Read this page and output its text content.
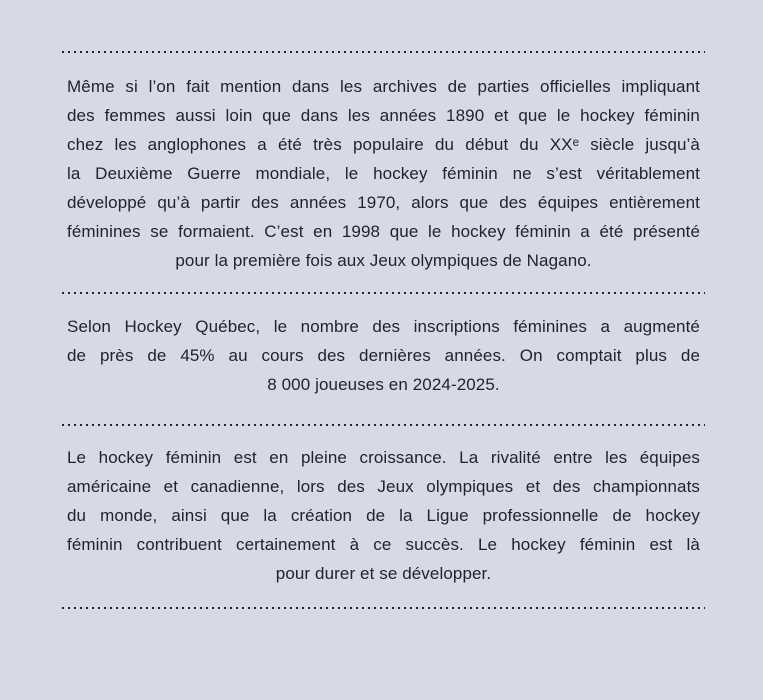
Même si l’on fait mention dans les archives de parties officielles impliquant
des femmes aussi loin que dans les années 1890 et que le hockey féminin
chez les anglophones a été très populaire du début du XXᵉ siècle jusqu’à
la Deuxième Guerre mondiale, le hockey féminin ne s’est véritablement
développé qu’à partir des années 1970, alors que des équipes entièrement
féminines se formaient. C’est en 1998 que le hockey féminin a été présenté
pour la première fois aux Jeux olympiques de Nagano.
Selon Hockey Québec, le nombre des inscriptions féminines a augmenté
de près de 45% au cours des dernières années. On comptait plus de
8 000 joueuses en 2024-2025.
Le hockey féminin est en pleine croissance. La rivalité entre les équipes
américaine et canadienne, lors des Jeux olympiques et des championnats
du monde, ainsi que la création de la Ligue professionnelle de hockey
féminin contribuent certainement à ce succès. Le hockey féminin est là
pour durer et se développer.
